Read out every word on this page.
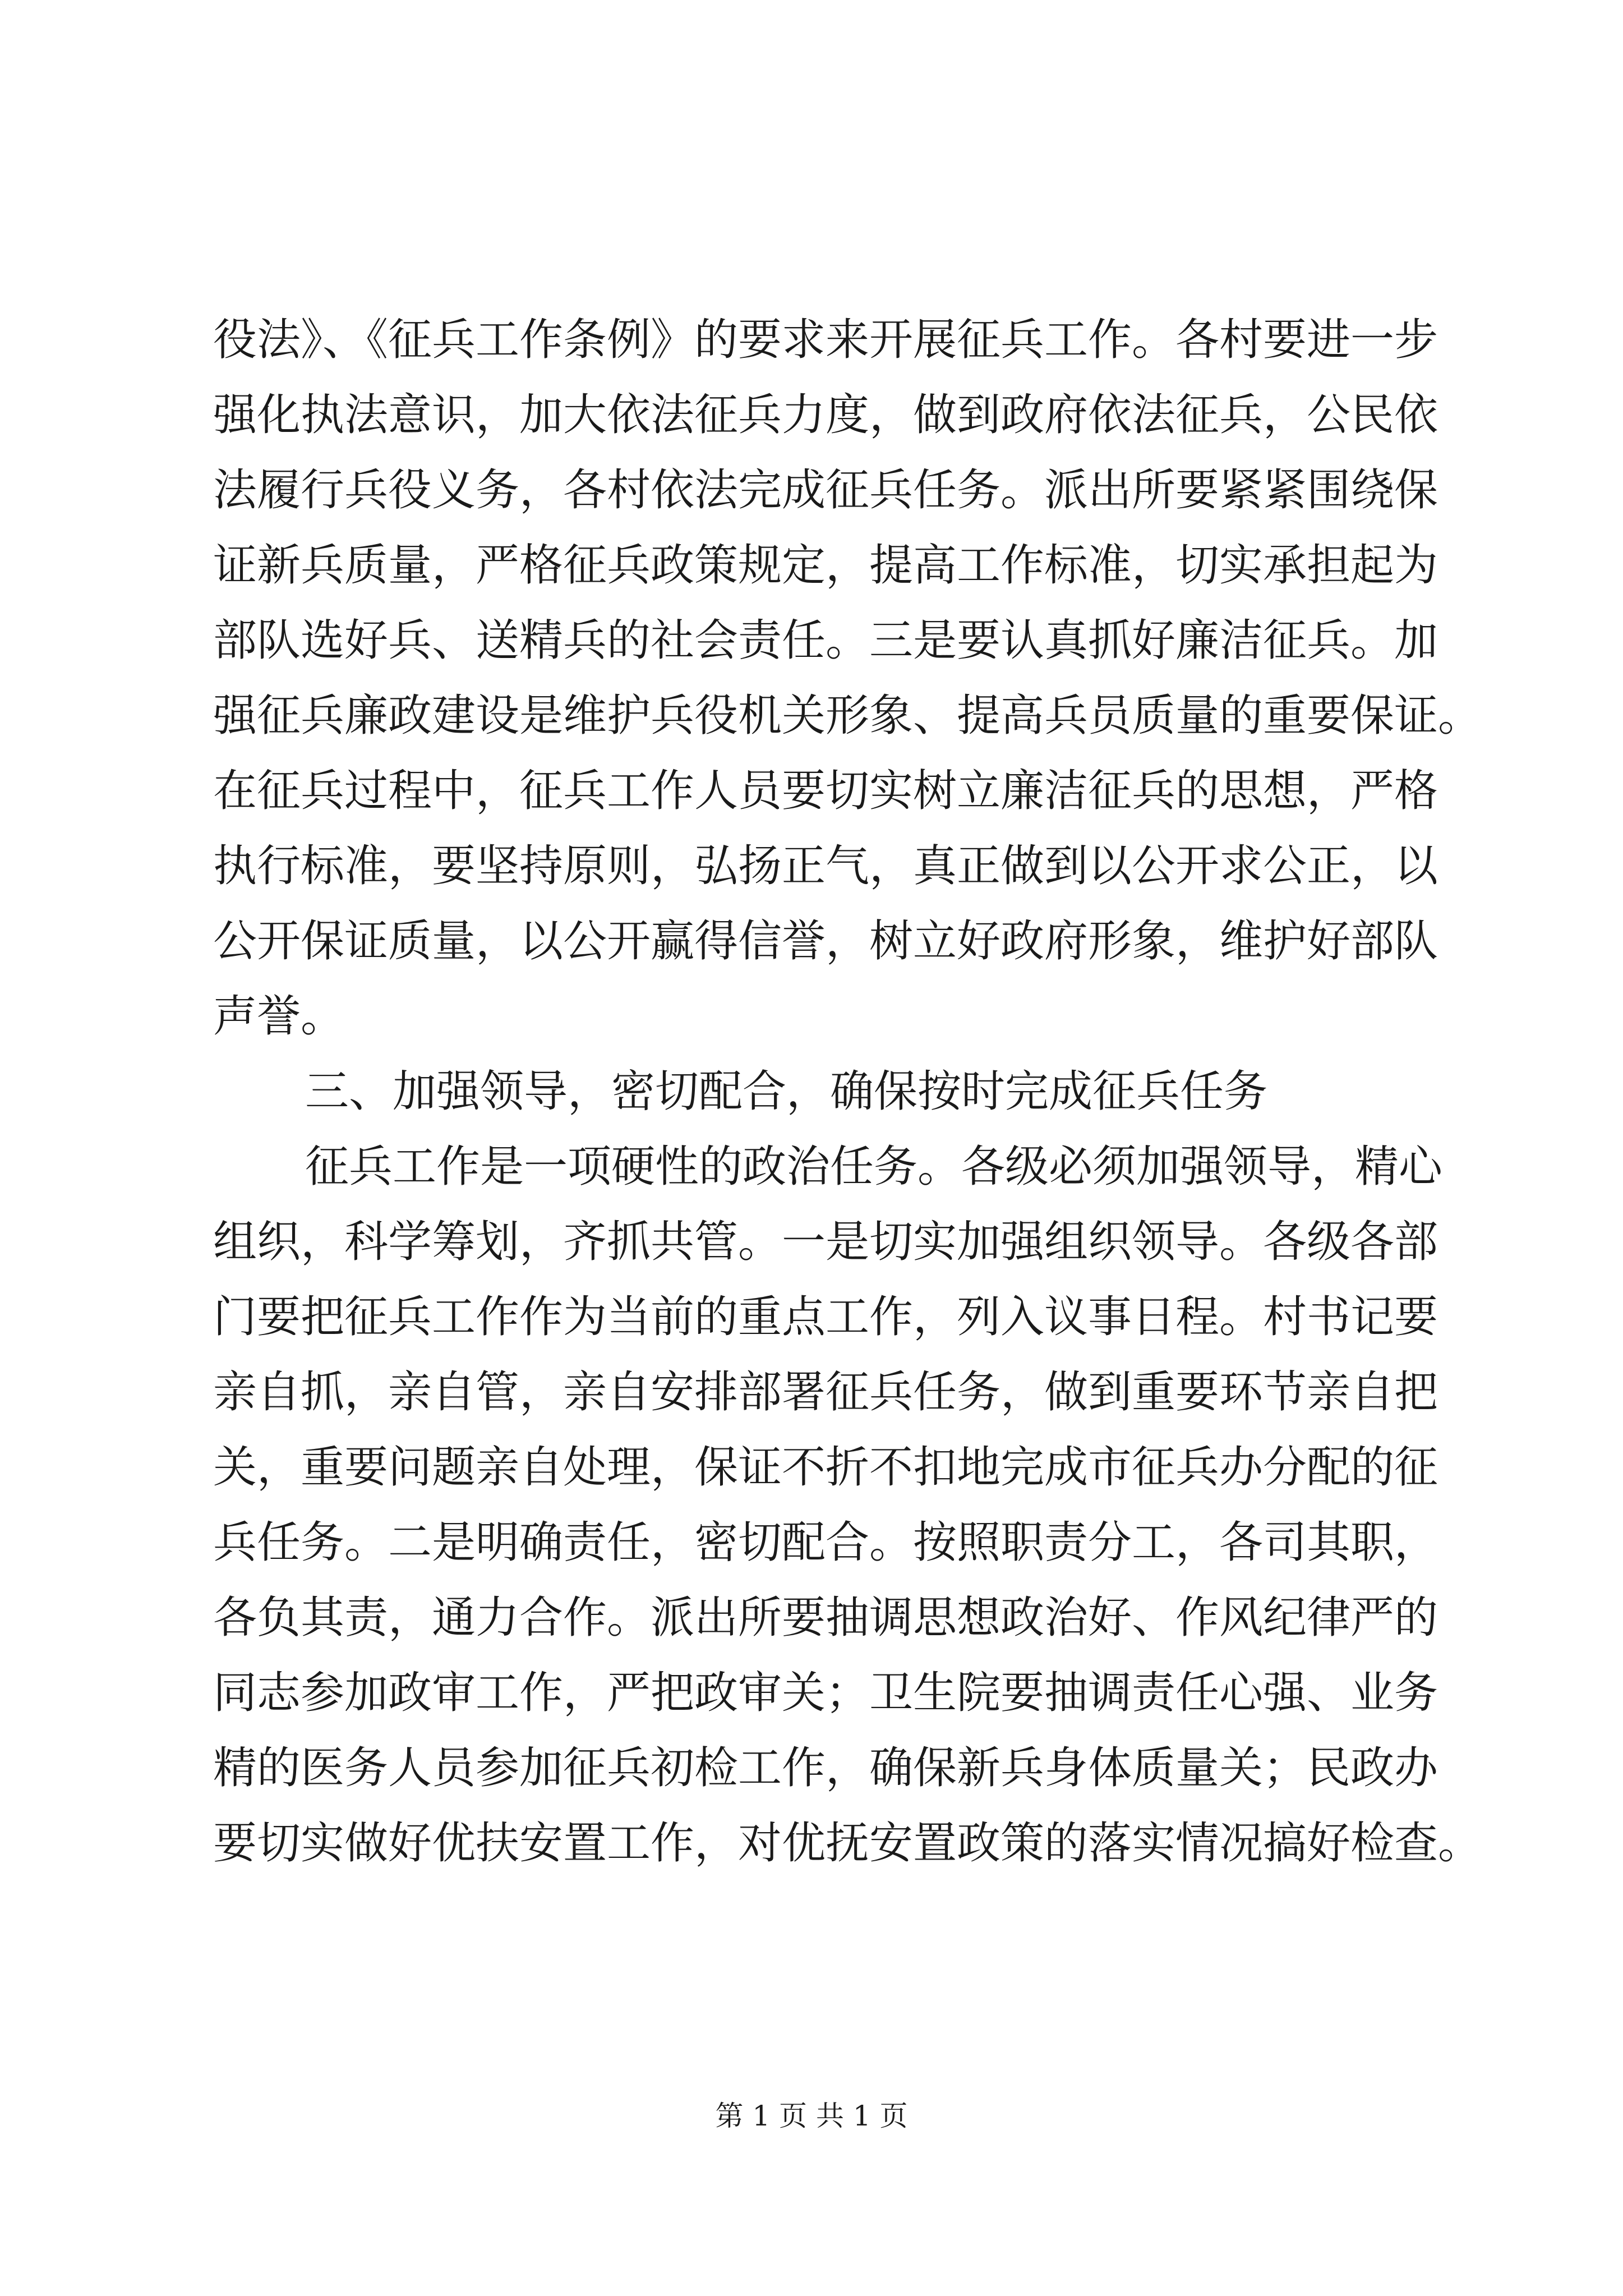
役法》、《征兵工作条例》的要求来开展征兵工作。各村要进一步
强化执法意识，加大依法征兵力度，做到政府依法征兵，公民依
法履行兵役义务，各村依法完成征兵任务。派出所要紧紧围绕保
证新兵质量，严格征兵政策规定，提高工作标准，切实承担起为
部队选好兵、送精兵的社会责任。三是要认真抓好廉洁征兵。加
强征兵廉政建设是维护兵役机关形象、提高兵员质量的重要保证。
在征兵过程中，征兵工作人员要切实树立廉洁征兵的思想，严格
执行标准，要坚持原则，弘扬正气，真正做到以公开求公正，以
公开保证质量，以公开赢得信誉，树立好政府形象，维护好部队
声誉。
三、加强领导，密切配合，确保按时完成征兵任务
征兵工作是一项硬性的政治任务。各级必须加强领导，精心
组织，科学筹划，齐抓共管。一是切实加强组织领导。各级各部
门要把征兵工作作为当前的重点工作，列入议事日程。村书记要
亲自抓，亲自管，亲自安排部署征兵任务，做到重要环节亲自把
关，重要问题亲自处理，保证不折不扣地完成市征兵办分配的征
兵任务。二是明确责任，密切配合。按照职责分工，各司其职，
各负其责，通力合作。派出所要抽调思想政治好、作风纪律严的
同志参加政审工作，严把政审关；卫生院要抽调责任心强、业务
精的医务人员参加征兵初检工作，确保新兵身体质量关；民政办
要切实做好优扶安置工作，对优抚安置政策的落实情况搞好检查。
第 1 页 共 1 页
